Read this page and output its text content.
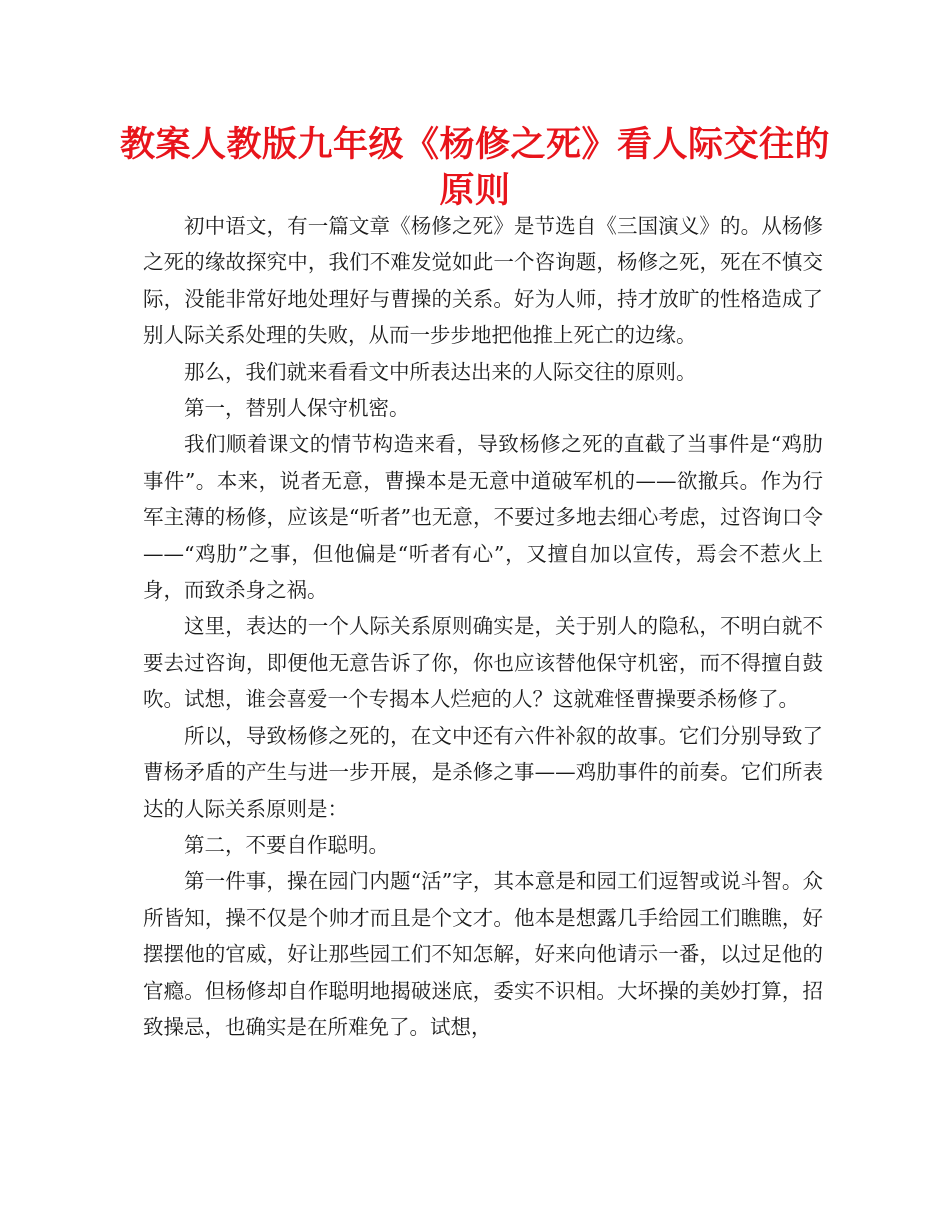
教案人教版九年级《杨修之死》看人际交往的原则

初中语文，有一篇文章《杨修之死》是节选自《三国演义》的。从杨修之死的缘故探究中，我们不难发觉如此一个咨询题，杨修之死，死在不慎交际，没能非常好地处理好与曹操的关系。好为人师，持才放旷的性格造成了别人际关系处理的失败，从而一步步地把他推上死亡的边缘。

那么，我们就来看看文中所表达出来的人际交往的原则。

第一，替别人保守机密。

我们顺着课文的情节构造来看，导致杨修之死的直截了当事件是“鸡肋事件”。本来，说者无意，曹操本是无意中道破军机的——欲撤兵。作为行军主薄的杨修，应该是“听者”也无意，不要过多地去细心考虑，过咨询口令——“鸡肋”之事，但他偏是“听者有心”，又擅自加以宣传，焉会不惹火上身，而致杀身之祸。

这里，表达的一个人际关系原则确实是，关于别人的隐私，不明白就不要去过咨询，即便他无意告诉了你，你也应该替他保守机密，而不得擅自鼓吹。试想，谁会喜爱一个专揭本人烂疤的人？这就难怪曹操要杀杨修了。

所以，导致杨修之死的，在文中还有六件补叙的故事。它们分别导致了曹杨矛盾的产生与进一步开展，是杀修之事——鸡肋事件的前奏。它们所表达的人际关系原则是：

第二，不要自作聪明。

第一件事，操在园门内题“活”字，其本意是和园工们逗智或说斗智。众所皆知，操不仅是个帅才而且是个文才。他本是想露几手给园工们瞧瞧，好摆摆他的官威，好让那些园工们不知怎解，好来向他请示一番，以过足他的官瘾。但杨修却自作聪明地揭破迷底，委实不识相。大坏操的美妙打算，招致操忌，也确实是在所难免了。试想，
